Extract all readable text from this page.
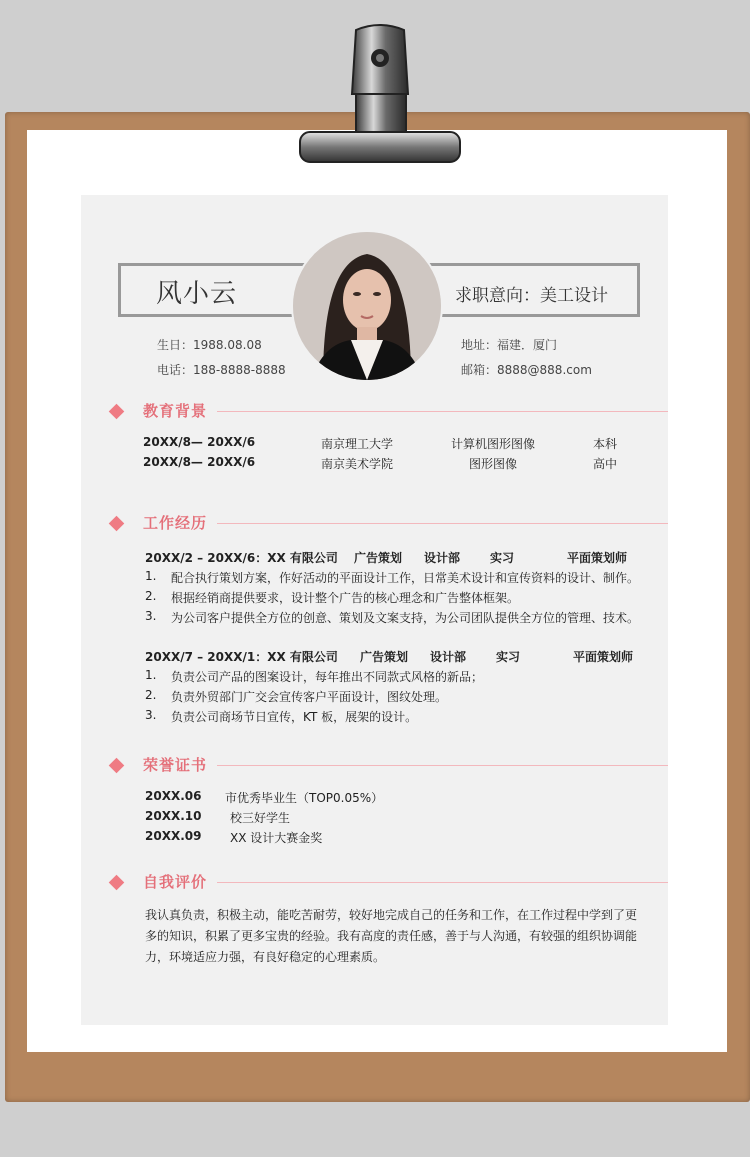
风小云	求职意向：美工设计
生日：1988.08.08
电话：188-8888-8888
地址：福建．厦门
邮箱：8888@888.com
教育背景
20XX/8— 20XX/6	南京理工大学	计算机图形图像	本科
20XX/8— 20XX/6	南京美术学院	图形图像	高中
工作经历
20XX/2 – 20XX/6：XX 有限公司 广告策划 设计部 实习	平面策划师
1. 配合执行策划方案，作好活动的平面设计工作，日常美术设计和宣传资料的设计、制作。
2. 根据经销商提供要求，设计整个广告的核心理念和广告整体框架。
3. 为公司客户提供全方位的创意、策划及文案支持，为公司团队提供全方位的管理、技术。
20XX/7 – 20XX/1：XX 有限公司 广告策划 设计部 实习	平面策划师
1. 负责公司产品的图案设计，每年推出不同款式风格的新品；
2. 负责外贸部门广交会宣传客户平面设计，图纹处理。
3. 负责公司商场节日宣传，KT 板，展架的设计。
荣誉证书
20XX.06 市优秀毕业生（TOP0.05%）
20XX.10 校三好学生
20XX.09 XX 设计大赛金奖
自我评价
我认真负责，积极主动，能吃苦耐劳，较好地完成自己的任务和工作，在工作过程中学到了更多的知识，积累了更多宝贵的经验。我有高度的责任感，善于与人沟通，有较强的组织协调能力，环境适应力强，有良好稳定的心理素质。
